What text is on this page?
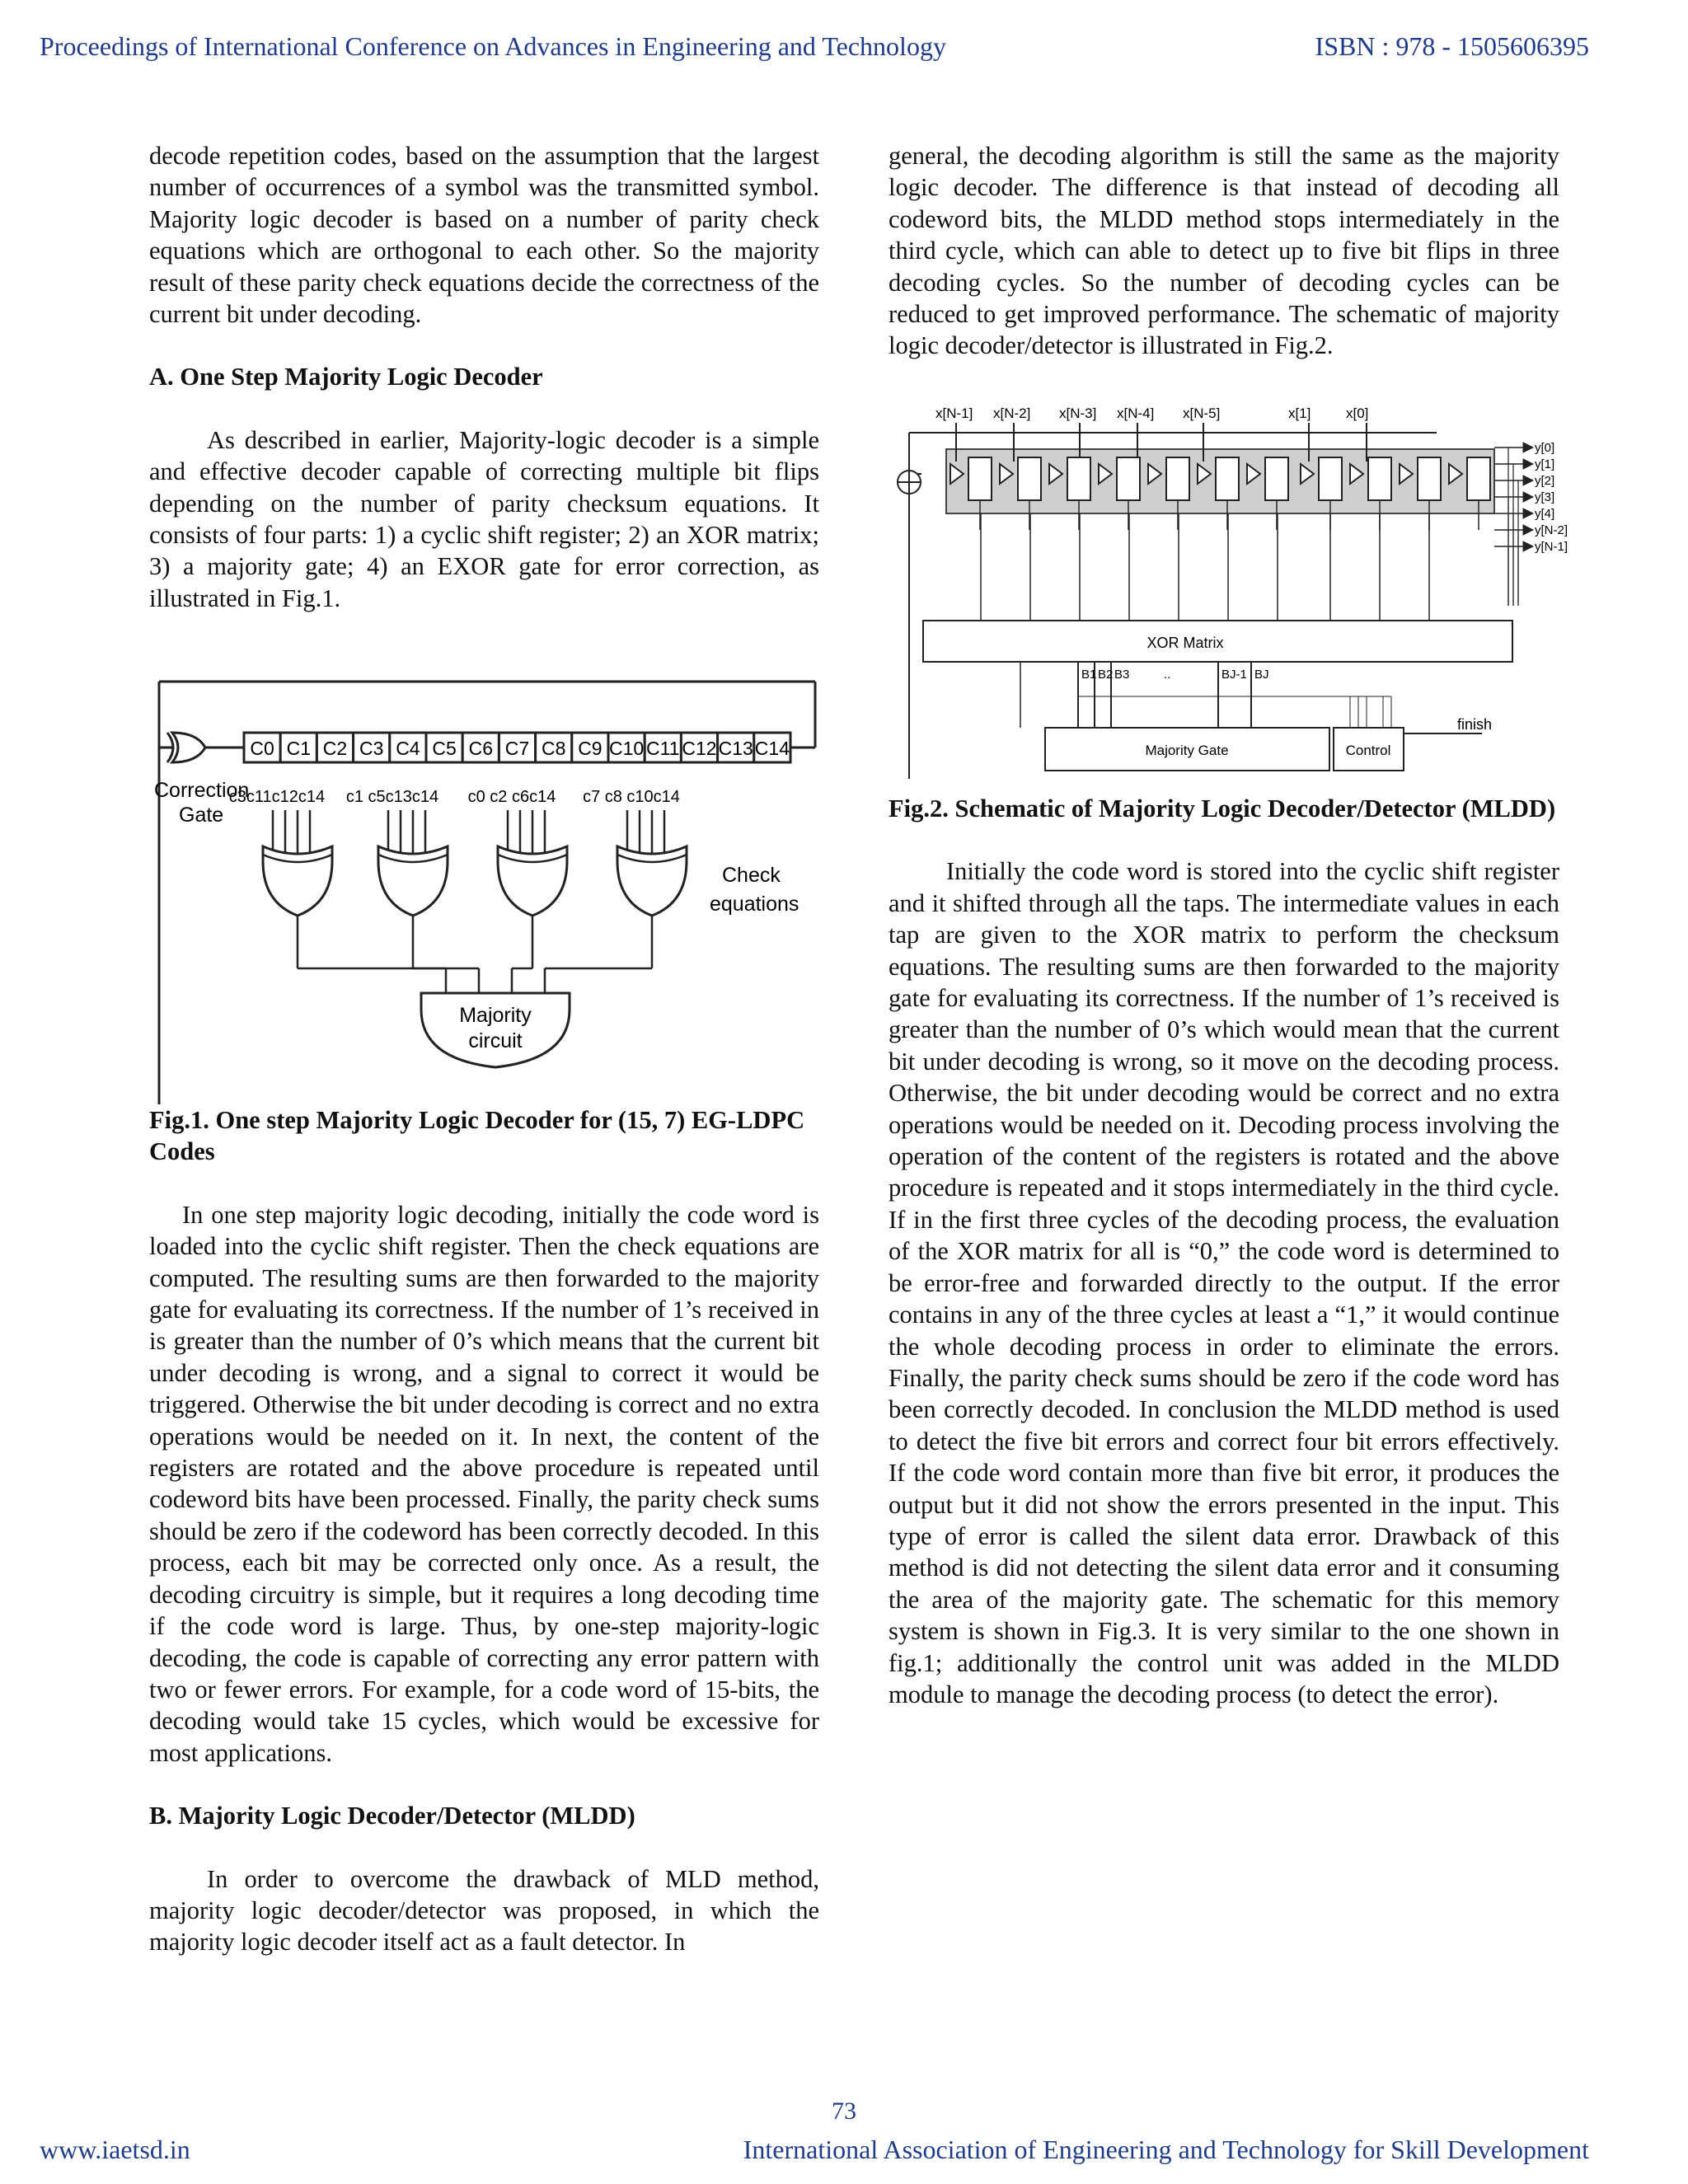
Proceedings of International Conference on Advances in Engineering and Technology	ISBN : 978 - 1505606395

decode repetition codes, based on the assumption that the largest number of occurrences of a symbol was the transmitted symbol. Majority logic decoder is based on a number of parity check equations which are orthogonal to each other. So the majority result of these parity check equations decide the correctness of the current bit under decoding.

A. One Step Majority Logic Decoder

As described in earlier, Majority-logic decoder is a simple and effective decoder capable of correcting multiple bit flips depending on the number of parity checksum equations. It consists of four parts: 1) a cyclic shift register; 2) an XOR matrix; 3) a majority gate; 4) an EXOR gate for error correction, as illustrated in Fig.1.

Correction
Gate
C0 C1 C2 C3 C4 C5 C6 C7 C8 C9 C10 C11 C12 C13 C14
c3c11c12c14 c1 c5c13c14 c0 c2 c6c14 c7 c8 c10c14
Majority
circuit
Check
equations

Fig.1. One step Majority Logic Decoder for (15, 7) EG-LDPC Codes

In one step majority logic decoding, initially the code word is loaded into the cyclic shift register. Then the check equations are computed. The resulting sums are then forwarded to the majority gate for evaluating its correctness. If the number of 1’s received in is greater than the number of 0’s which means that the current bit under decoding is wrong, and a signal to correct it would be triggered. Otherwise the bit under decoding is correct and no extra operations would be needed on it. In next, the content of the registers are rotated and the above procedure is repeated until codeword bits have been processed. Finally, the parity check sums should be zero if the codeword has been correctly decoded. In this process, each bit may be corrected only once. As a result, the decoding circuitry is simple, but it requires a long decoding time if the code word is large. Thus, by one-step majority-logic decoding, the code is capable of correcting any error pattern with two or fewer errors. For example, for a code word of 15-bits, the decoding would take 15 cycles, which would be excessive for most applications.

B. Majority Logic Decoder/Detector (MLDD)

In order to overcome the drawback of MLD method, majority logic decoder/detector was proposed, in which the majority logic decoder itself act as a fault detector. In

general, the decoding algorithm is still the same as the majority logic decoder. The difference is that instead of decoding all codeword bits, the MLDD method stops intermediately in the third cycle, which can able to detect up to five bit flips in three decoding cycles. So the number of decoding cycles can be reduced to get improved performance. The schematic of majority logic decoder/detector is illustrated in Fig.2.

x[N-1] x[N-2] x[N-3] x[N-4] x[N-5]	x[1]	x[0]
y[0]
y[1]
y[2]
y[3]
y[4]
y[N-2]
y[N-1]
XOR Matrix
B1 B2 B3	..	BJ-1 BJ
Majority Gate	Control
finish

Fig.2. Schematic of Majority Logic Decoder/Detector (MLDD)

Initially the code word is stored into the cyclic shift register and it shifted through all the taps. The intermediate values in each tap are given to the XOR matrix to perform the checksum equations. The resulting sums are then forwarded to the majority gate for evaluating its correctness. If the number of 1’s received is greater than the number of 0’s which would mean that the current bit under decoding is wrong, so it move on the decoding process. Otherwise, the bit under decoding would be correct and no extra operations would be needed on it. Decoding process involving the operation of the content of the registers is rotated and the above procedure is repeated and it stops intermediately in the third cycle. If in the first three cycles of the decoding process, the evaluation of the XOR matrix for all is “0,” the code word is determined to be error-free and forwarded directly to the output. If the error contains in any of the three cycles at least a “1,” it would continue the whole decoding process in order to eliminate the errors. Finally, the parity check sums should be zero if the code word has been correctly decoded. In conclusion the MLDD method is used to detect the five bit errors and correct four bit errors effectively. If the code word contain more than five bit error, it produces the output but it did not show the errors presented in the input. This type of error is called the silent data error. Drawback of this method is did not detecting the silent data error and it consuming the area of the majority gate. The schematic for this memory system is shown in Fig.3. It is very similar to the one shown in fig.1; additionally the control unit was added in the MLDD module to manage the decoding process (to detect the error).

73
www.iaetsd.in	International Association of Engineering and Technology for Skill Development
